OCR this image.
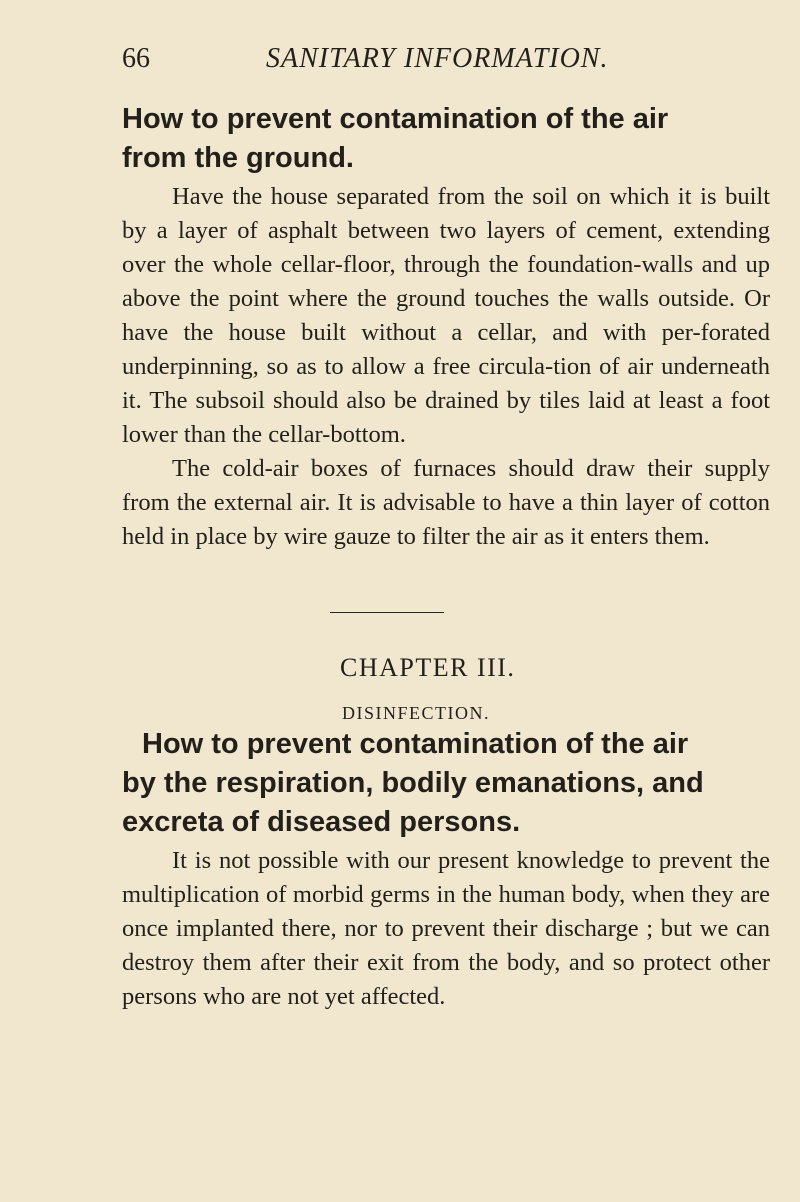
66	SANITARY INFORMATION.
How to prevent contamination of the air
from the ground.

Have the house separated from the soil on which it is built by a layer of asphalt between two layers of cement, extending over the whole cellar-floor, through the foundation-walls and up above the point where the ground touches the walls outside. Or have the house built without a cellar, and with per-forated underpinning, so as to allow a free circula-tion of air underneath it. The subsoil should also be drained by tiles laid at least a foot lower than the cellar-bottom.

The cold-air boxes of furnaces should draw their supply from the external air. It is advisable to have a thin layer of cotton held in place by wire gauze to filter the air as it enters them.

CHAPTER III.
DISINFECTION.
How to prevent contamination of the air
by the respiration, bodily emanations, and
excreta of diseased persons.

It is not possible with our present knowledge to prevent the multiplication of morbid germs in the human body, when they are once implanted there, nor to prevent their discharge ; but we can destroy them after their exit from the body, and so protect other persons who are not yet affected.
